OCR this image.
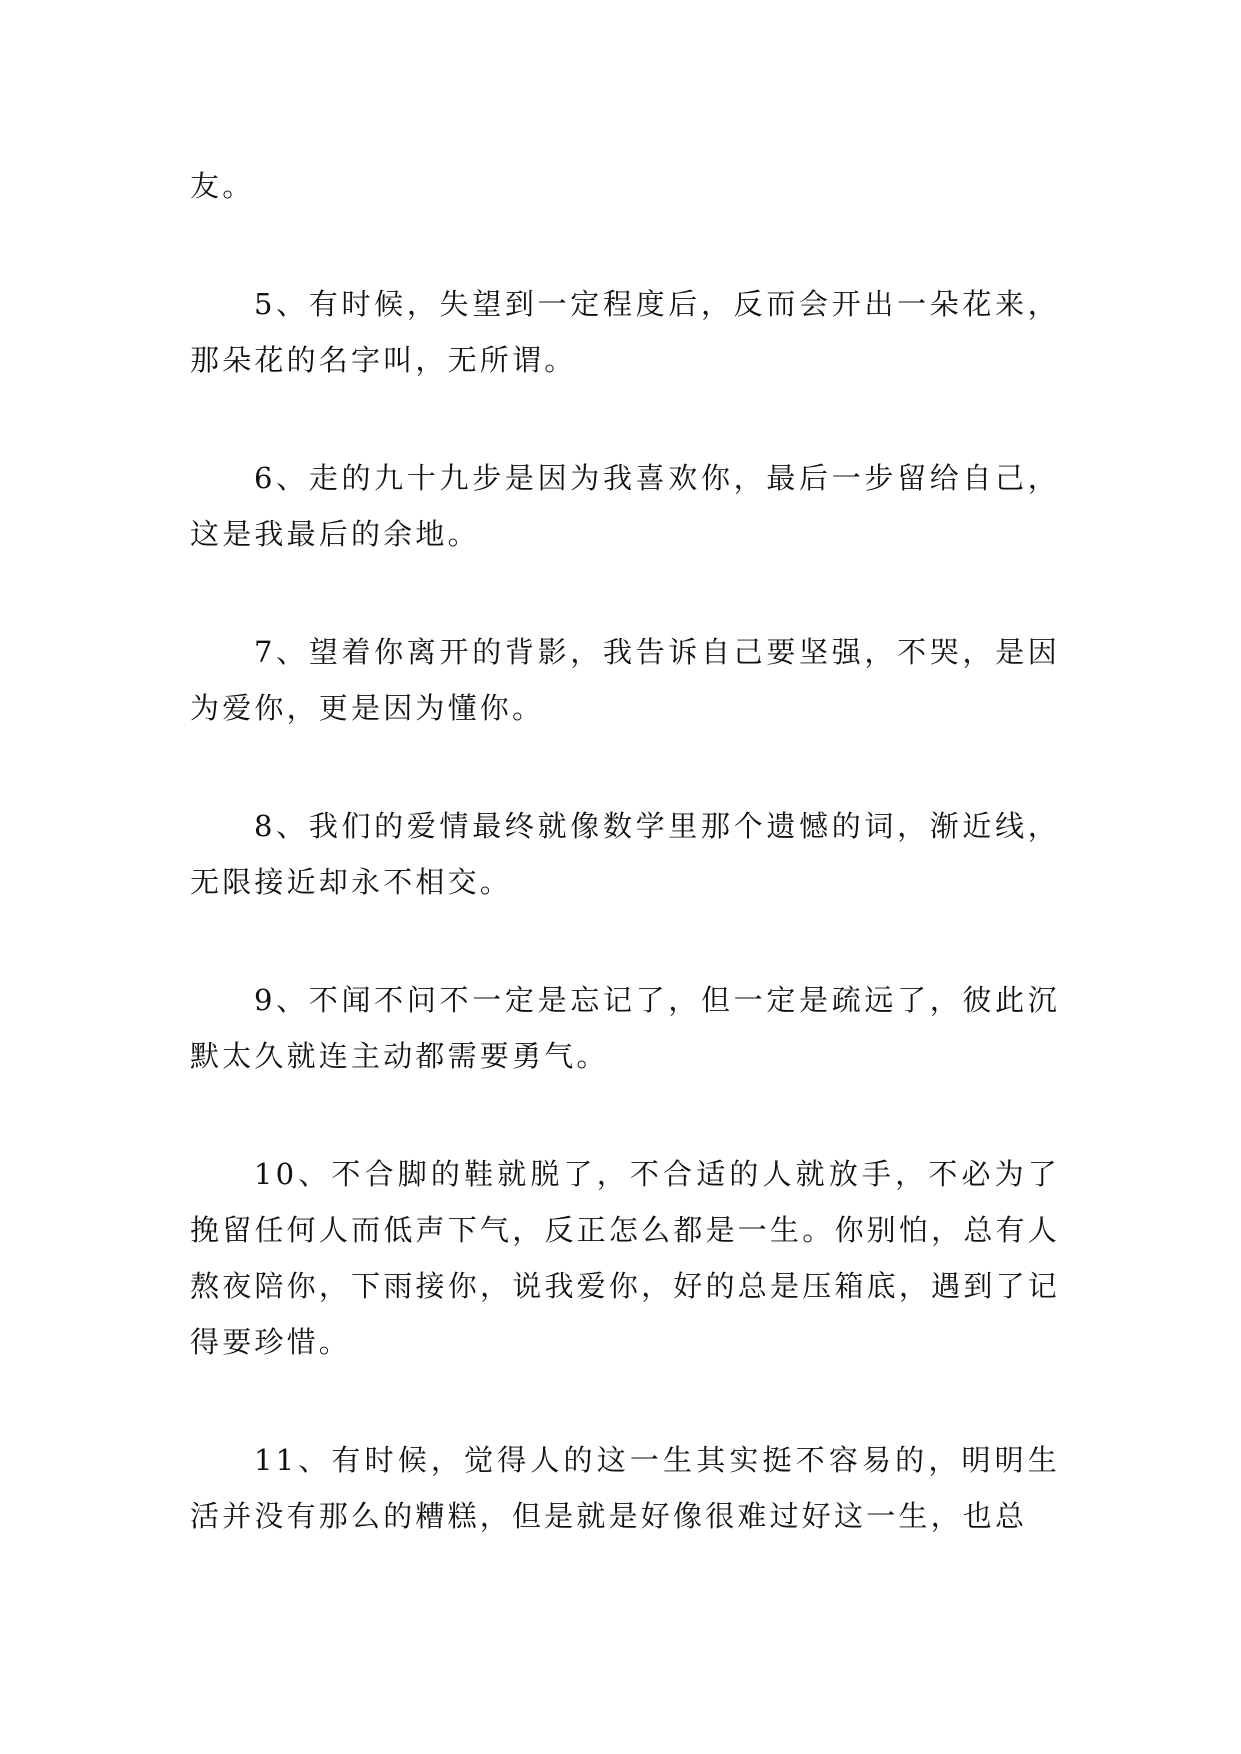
友。

5、有时候，失望到一定程度后，反而会开出一朵花来，那朵花的名字叫，无所谓。

6、走的九十九步是因为我喜欢你，最后一步留给自己，这是我最后的余地。

7、望着你离开的背影，我告诉自己要坚强，不哭，是因为爱你，更是因为懂你。

8、我们的爱情最终就像数学里那个遗憾的词，渐近线，无限接近却永不相交。

9、不闻不问不一定是忘记了，但一定是疏远了，彼此沉默太久就连主动都需要勇气。

10、不合脚的鞋就脱了，不合适的人就放手，不必为了挽留任何人而低声下气，反正怎么都是一生。你别怕，总有人熬夜陪你，下雨接你，说我爱你，好的总是压箱底，遇到了记得要珍惜。

11、有时候，觉得人的这一生其实挺不容易的，明明生活并没有那么的糟糕，但是就是好像很难过好这一生，也总
